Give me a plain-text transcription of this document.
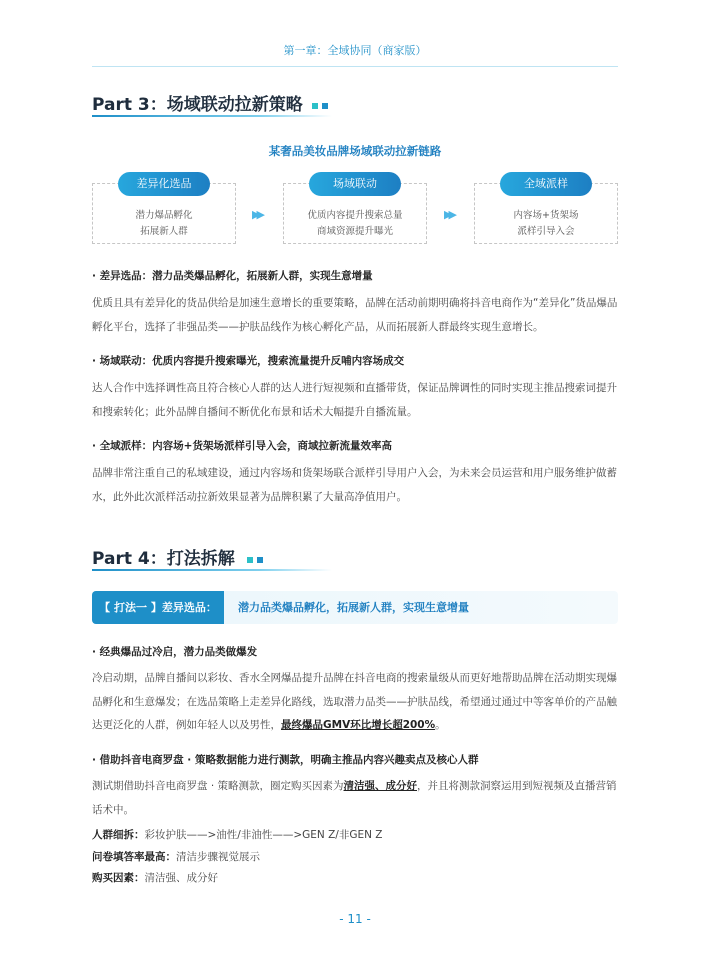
第一章：全域协同（商家版）
Part 3：场域联动拉新策略
某奢品美妆品牌场域联动拉新链路
差异化选品
潜力爆品孵化
拓展新人群
▶▶
场域联动
优质内容提升搜索总量
商域资源提升曝光
▶▶
全域派样
内容场+货架场
派样引导入会
· 差异选品：潜力品类爆品孵化，拓展新人群，实现生意增量

优质且具有差异化的货品供给是加速生意增长的重要策略，品牌在活动前期明确将抖音电商作为“差异化”货品爆品孵化平台，选择了非强品类——护肤品线作为核心孵化产品，从而拓展新人群最终实现生意增长。

· 场域联动：优质内容提升搜索曝光，搜索流量提升反哺内容场成交

达人合作中选择调性高且符合核心人群的达人进行短视频和直播带货，保证品牌调性的同时实现主推品搜索词提升和搜索转化；此外品牌自播间不断优化布景和话术大幅提升自播流量。

· 全域派样：内容场+货架场派样引导入会，商域拉新流量效率高

品牌非常注重自己的私域建设，通过内容场和货架场联合派样引导用户入会，为未来会员运营和用户服务维护做蓄水，此外此次派样活动拉新效果显著为品牌积累了大量高净值用户。

Part 4：打法拆解
【 打法一 】差异选品：	潜力品类爆品孵化，拓展新人群，实现生意增量
· 经典爆品过冷启，潜力品类做爆发

冷启动期，品牌自播间以彩妆、香水全网爆品提升品牌在抖音电商的搜索量级从而更好地帮助品牌在活动期实现爆品孵化和生意爆发；在选品策略上走差异化路线，选取潜力品类——护肤品线，希望通过通过中等客单价的产品触达更泛化的人群，例如年轻人以及男性，最终爆品GMV环比增长超200%。

· 借助抖音电商罗盘 · 策略数据能力进行测款，明确主推品内容兴趣卖点及核心人群

测试期借助抖音电商罗盘 · 策略测款，圈定购买因素为清洁强、成分好，并且将测款洞察运用到短视频及直播营销话术中。

人群细拆：彩妆护肤——>油性/非油性——>GEN Z/非GEN Z
问卷填答率最高：清洁步骤视觉展示
购买因素：清洁强、成分好
- 11 -
